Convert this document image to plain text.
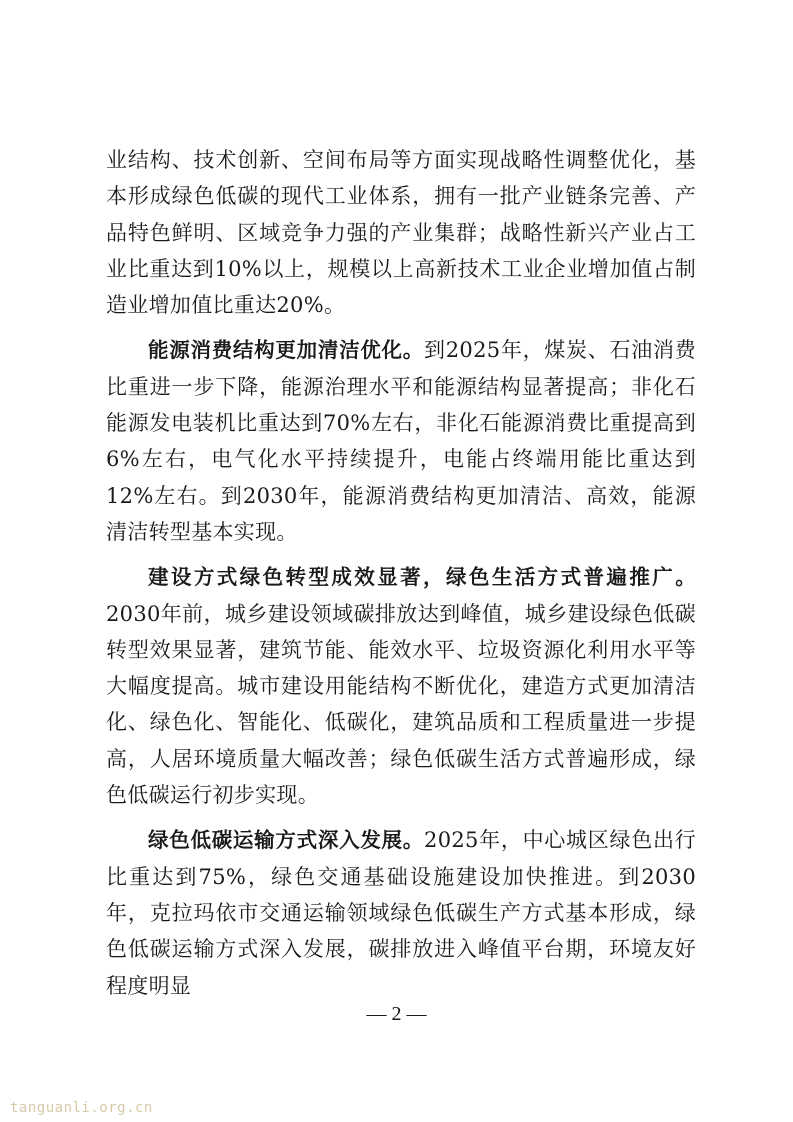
业结构、技术创新、空间布局等方面实现战略性调整优化，基本形成绿色低碳的现代工业体系，拥有一批产业链条完善、产品特色鲜明、区域竞争力强的产业集群；战略性新兴产业占工业比重达到10%以上，规模以上高新技术工业企业增加值占制造业增加值比重达20%。

能源消费结构更加清洁优化。到2025年，煤炭、石油消费比重进一步下降，能源治理水平和能源结构显著提高；非化石能源发电装机比重达到70%左右，非化石能源消费比重提高到6%左右，电气化水平持续提升，电能占终端用能比重达到12%左右。到2030年，能源消费结构更加清洁、高效，能源清洁转型基本实现。

建设方式绿色转型成效显著，绿色生活方式普遍推广。2030年前，城乡建设领域碳排放达到峰值，城乡建设绿色低碳转型效果显著，建筑节能、能效水平、垃圾资源化利用水平等大幅度提高。城市建设用能结构不断优化，建造方式更加清洁化、绿色化、智能化、低碳化，建筑品质和工程质量进一步提高，人居环境质量大幅改善；绿色低碳生活方式普遍形成，绿色低碳运行初步实现。

绿色低碳运输方式深入发展。2025年，中心城区绿色出行比重达到75%，绿色交通基础设施建设加快推进。到2030年，克拉玛依市交通运输领域绿色低碳生产方式基本形成，绿色低碳运输方式深入发展，碳排放进入峰值平台期，环境友好程度明显

— 2 —
tanguanli.org.cn
